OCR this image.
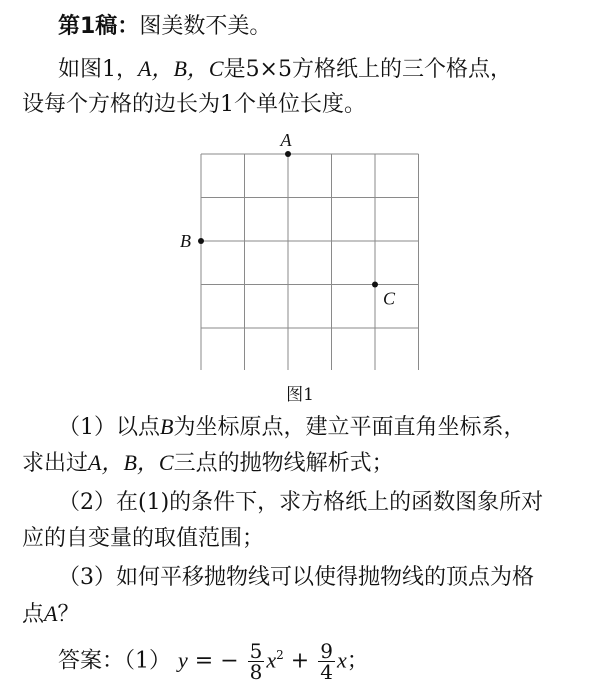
第1稿：图美数不美。
如图1，A，B，C是5×5方格纸上的三个格点，
设每个方格的边长为1个单位长度。
A
B
C
图1
（1）以点B为坐标原点，建立平面直角坐标系，
求出过A，B，C三点的抛物线解析式；
（2）在(1)的条件下，求方格纸上的函数图象所对
应的自变量的取值范围；
（3）如何平移抛物线可以使得抛物线的顶点为格
点A？
答案：（1） y = − $\frac{5}{8} x^2 + \frac{9}{4}$ x；
